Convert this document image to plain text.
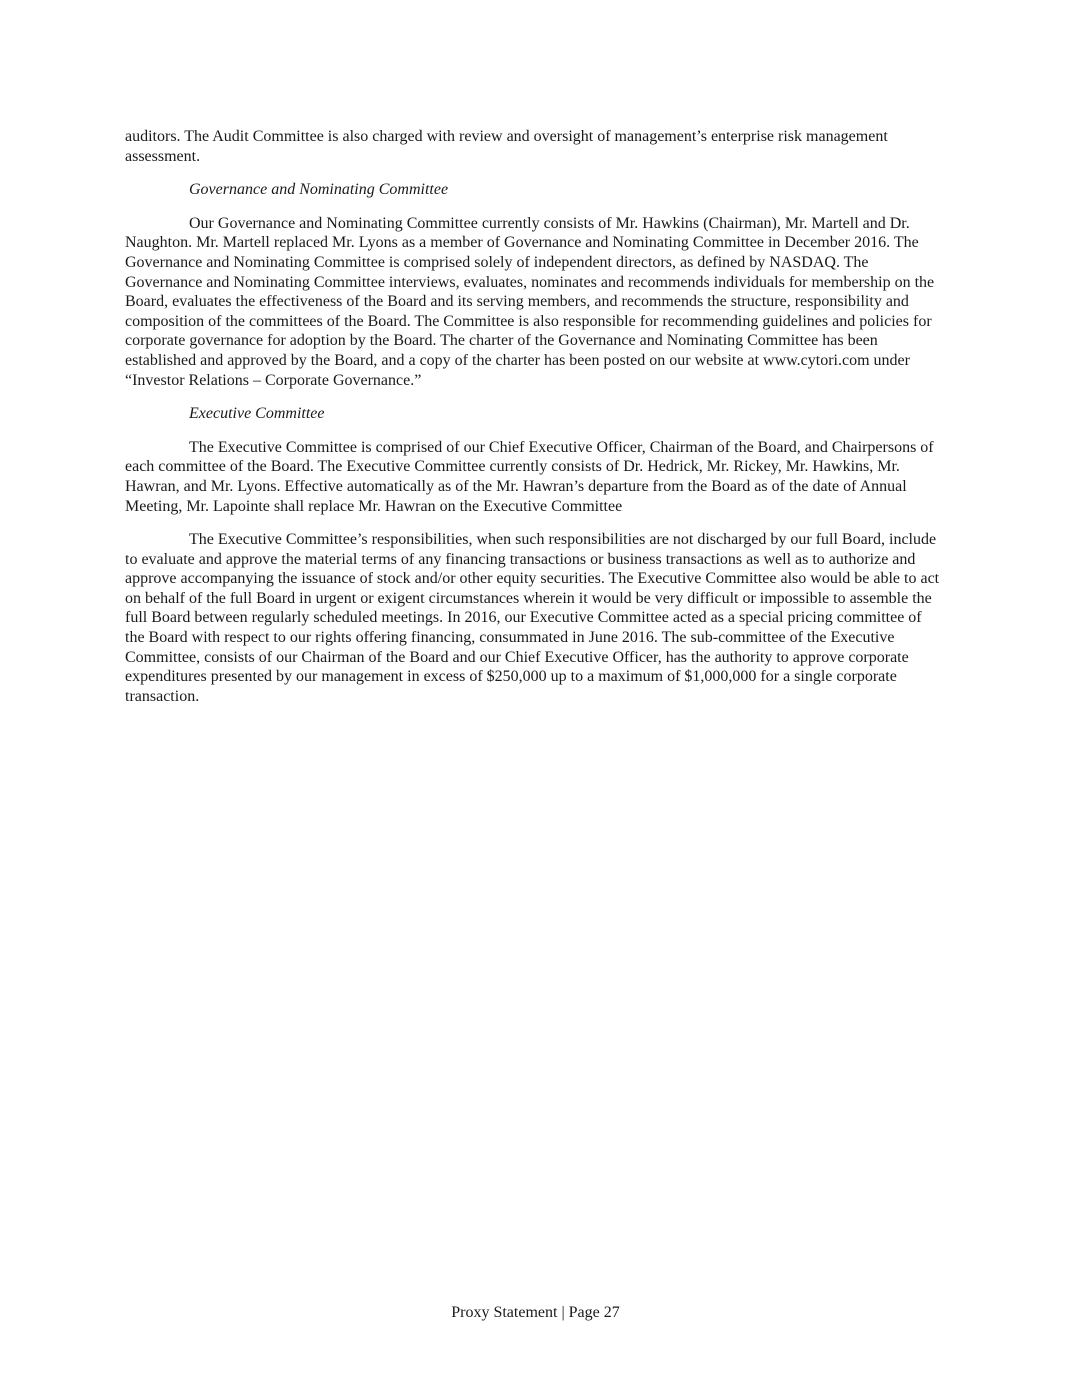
auditors. The Audit Committee is also charged with review and oversight of management’s enterprise risk management assessment.

Governance and Nominating Committee

Our Governance and Nominating Committee currently consists of Mr. Hawkins (Chairman), Mr. Martell and Dr. Naughton. Mr. Martell replaced Mr. Lyons as a member of Governance and Nominating Committee in December 2016. The Governance and Nominating Committee is comprised solely of independent directors, as defined by NASDAQ. The Governance and Nominating Committee interviews, evaluates, nominates and recommends individuals for membership on the Board, evaluates the effectiveness of the Board and its serving members, and recommends the structure, responsibility and composition of the committees of the Board. The Committee is also responsible for recommending guidelines and policies for corporate governance for adoption by the Board. The charter of the Governance and Nominating Committee has been established and approved by the Board, and a copy of the charter has been posted on our website at www.cytori.com under “Investor Relations – Corporate Governance.”

Executive Committee

The Executive Committee is comprised of our Chief Executive Officer, Chairman of the Board, and Chairpersons of each committee of the Board. The Executive Committee currently consists of Dr. Hedrick, Mr. Rickey, Mr. Hawkins, Mr. Hawran, and Mr. Lyons. Effective automatically as of the Mr. Hawran’s departure from the Board as of the date of Annual Meeting, Mr. Lapointe shall replace Mr. Hawran on the Executive Committee

The Executive Committee’s responsibilities, when such responsibilities are not discharged by our full Board, include to evaluate and approve the material terms of any financing transactions or business transactions as well as to authorize and approve accompanying the issuance of stock and/or other equity securities. The Executive Committee also would be able to act on behalf of the full Board in urgent or exigent circumstances wherein it would be very difficult or impossible to assemble the full Board between regularly scheduled meetings. In 2016, our Executive Committee acted as a special pricing committee of the Board with respect to our rights offering financing, consummated in June 2016. The sub-committee of the Executive Committee, consists of our Chairman of the Board and our Chief Executive Officer, has the authority to approve corporate expenditures presented by our management in excess of $250,000 up to a maximum of $1,000,000 for a single corporate transaction.

Proxy Statement | Page 27
